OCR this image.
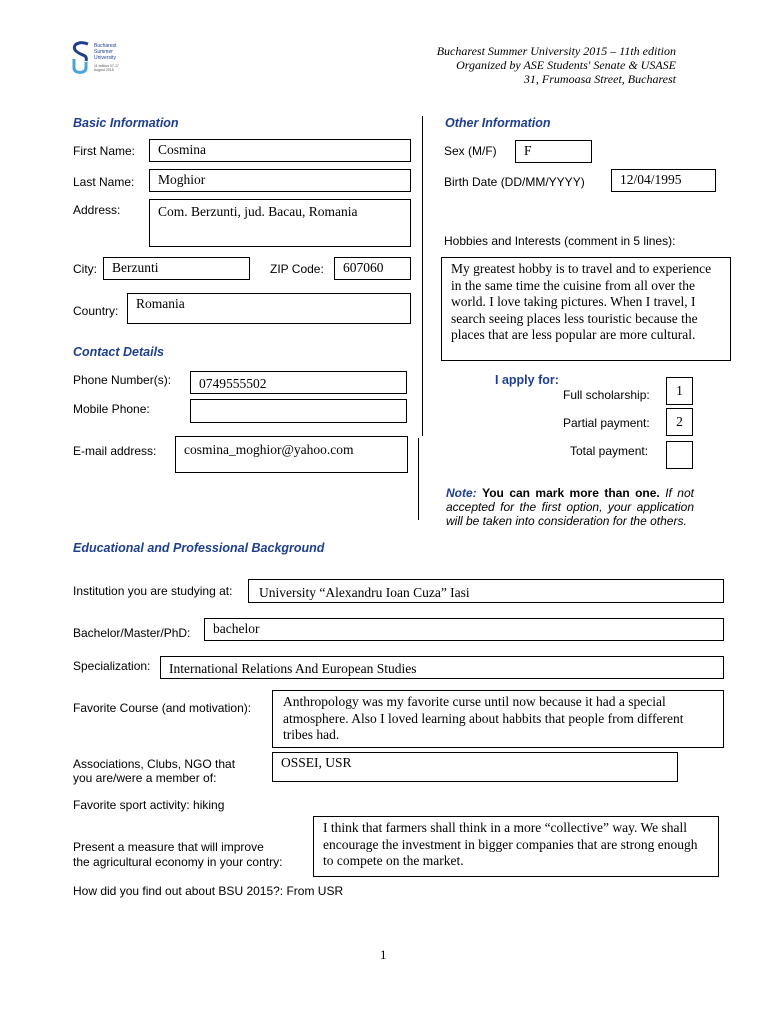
Bucharest Summer University
11 edition 07-17 August 2015
Bucharest Summer University 2015 – 11th edition
Organized by ASE Students' Senate & USASE
31, Frumoasa Street, Bucharest
Basic Information
First Name:	Cosmina
Last Name:	Moghior
Address:	Com. Berzunti, jud. Bacau, Romania
City:	Berzunti	ZIP Code:	607060
Country:	Romania
Contact Details
Phone Number(s):	0749555502
Mobile Phone:
E-mail address:	cosmina_moghior@yahoo.com
Other Information
Sex (M/F)	F
Birth Date (DD/MM/YYYY)	12/04/1995
Hobbies and Interests (comment in 5 lines):
My greatest hobby is to travel and to experience in the same time the cuisine from all over the world. I love taking pictures. When I travel, I search seeing places less touristic because the places that are less popular are more cultural.
I apply for:
Full scholarship:	1
Partial payment:	2
Total payment:
Note: You can mark more than one. If not accepted for the first option, your application will be taken into consideration for the others.
Educational and Professional Background
Institution you are studying at:	University “Alexandru Ioan Cuza” Iasi
Bachelor/Master/PhD:	bachelor
Specialization:	International Relations And European Studies
Favorite Course (and motivation):	Anthropology was my favorite curse until now because it had a special atmosphere. Also I loved learning about habbits that people from different tribes had.
Associations, Clubs, NGO that
you are/were a member of:
OSSEI, USR
Favorite sport activity: hiking
Present a measure that will improve
the agricultural economy in your contry:
I think that farmers shall think in a more “collective” way. We shall encourage the investment in bigger companies that are strong enough to compete on the market.
How did you find out about BSU 2015?: From USR
1
